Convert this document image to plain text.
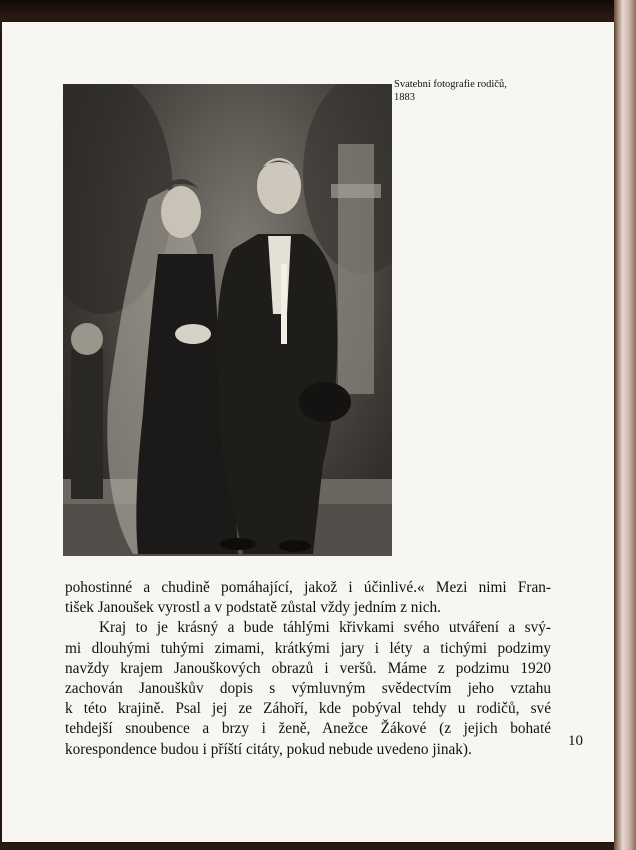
Svatební fotografie rodičů,
1883
pohostinné a chudině pomáhající, jakož i účinlivé.« Mezi nimi Fran-
tišek Janoušek vyrostl a v podstatě zůstal vždy jedním z nich.
Kraj to je krásný a bude táhlými křivkami svého utváření a svý-
mi dlouhými tuhými zimami, krátkými jary i léty a tichými podzimy
navždy krajem Janouškových obrazů i veršů. Máme z podzimu 1920
zachován Janouškův dopis s výmluvným svědectvím jeho vztahu
k této krajině. Psal jej ze Záhoří, kde pobýval tehdy u rodičů, své
tehdejší snoubence a brzy i ženě, Anežce Žákové (z jejich bohaté
korespondence budou i příští citáty, pokud nebude uvedeno jinak).	10
